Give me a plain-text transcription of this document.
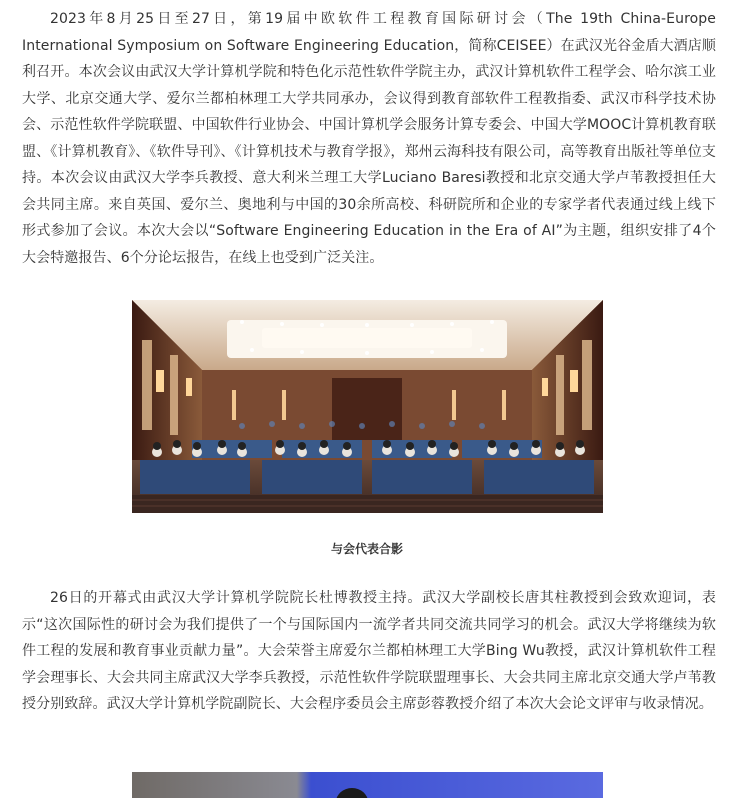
2023年8月25日至27日，第19届中欧软件工程教育国际研讨会（The 19th China-Europe International Symposium on Software Engineering Education，简称CEISEE）在武汉光谷金盾大酒店顺利召开。本次会议由武汉大学计算机学院和特色化示范性软件学院主办，武汉计算机软件工程学会、哈尔滨工业大学、北京交通大学、爱尔兰都柏林理工大学共同承办，会议得到教育部软件工程教指委、武汉市科学技术协会、示范性软件学院联盟、中国软件行业协会、中国计算机学会服务计算专委会、中国大学MOOC计算机教育联盟、《计算机教育》、《软件导刊》、《计算机技术与教育学报》，郑州云海科技有限公司，高等教育出版社等单位支持。本次会议由武汉大学李兵教授、意大利米兰理工大学Luciano Baresi教授和北京交通大学卢苇教授担任大会共同主席。来自英国、爱尔兰、奥地利与中国的30余所高校、科研院所和企业的专家学者代表通过线上线下形式参加了会议。本次大会以“Software Engineering Education in the Era of AI”为主题，组织安排了4个大会特邀报告、6个分论坛报告，在线上也受到广泛关注。

与会代表合影

26日的开幕式由武汉大学计算机学院院长杜博教授主持。武汉大学副校长唐其柱教授到会致欢迎词，表示“这次国际性的研讨会为我们提供了一个与国际国内一流学者共同交流共同学习的机会。武汉大学将继续为软件工程的发展和教育事业贡献力量”。大会荣誉主席爱尔兰都柏林理工大学Bing Wu教授，武汉计算机软件工程学会理事长、大会共同主席武汉大学李兵教授，示范性软件学院联盟理事长、大会共同主席北京交通大学卢苇教授分别致辞。武汉大学计算机学院副院长、大会程序委员会主席彭蓉教授介绍了本次大会论文评审与收录情况。
